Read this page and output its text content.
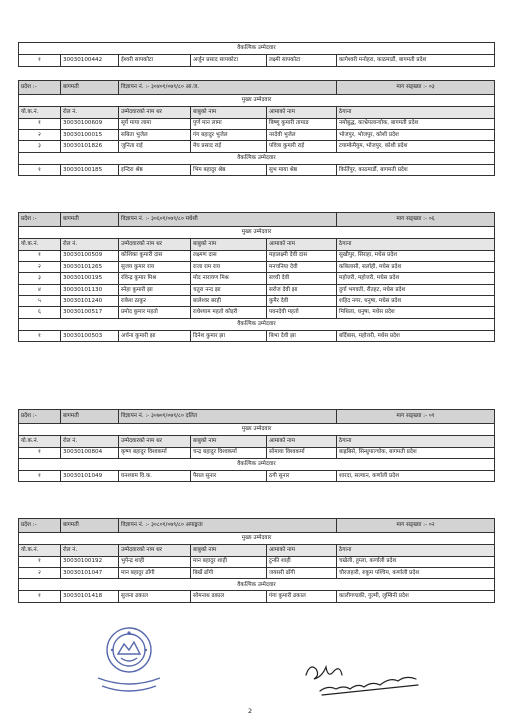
वैकल्पिक उम्मेदवार
१	30030100442	ईश्वरी सापकोटा	अर्जुन प्रसाद सापकोटा	लक्ष्मी सापकोटा	कागेश्वरी मनोहरा, काठमाडौं, बागमती प्रदेश
प्रदेश :-	बागमती	विज्ञापन नं. :- ३०४०१/०७९/८० आ.ज.			माग सङ्ख्या :- ०३
मुख्य उम्मेदवार					
यो.क.नं.	रोल नं.	उम्मेदवारको नाम थर	बाबुको नाम	आमाको नाम	ठेगाना
१	30030100609	सूर्य माया लामा	पुर्ण मान लामा	बिष्णु कुमारी तामाङ	नमोबुद्ध, काभ्रेपलान्चोक, बागमती प्रदेश
२	30030100015	सबिता भुजेल	गंग बहादुर भुजेल	नरदेवी भुजेल	भोजपुर, भोजपुर, कोशी प्रदेश
३	30030101826	जुनिता राई	मेघ प्रसाद राई	पवित्रा कुमारी राई	टयाम्केमैयुम, भोजपुर, कोशी प्रदेश
वैकल्पिक उम्मेदवार					
१	30030100185	इन्दिरा श्रेष्ठ	भिम बहादुर श्रेष्ठ	सुभ माया श्रेष्ठ	किर्तिपुर, काठमाडौं, बागमती प्रदेश
प्रदेश :-	बागमती	विज्ञापन नं. :- ३०६०१/०७९/८० मधेशी			माग सङ्ख्या :- ०६
मुख्य उम्मेदवार					
यो.क.नं.	रोल नं.	उम्मेदवारको नाम थर	बाबुको नाम	आमाको नाम	ठेगाना
१	30030100509	कोशिका कुमारी दास	लक्ष्मण दास	महालक्ष्मी देवी दास	सुखीपुर, सिराहा, मधेस प्रदेश
२	30030101265	सुजय कुमार राय	राजा राम राय	मनचनिया देवी	कबिलासी, सर्लाही, मधेस प्रदेश
३	30030100195	रविन्द्र कुमार मिश्र	मोद नारायण मिश्र	सच्ची देवी	महोत्तरी, महोत्तरी, मधेस प्रदेश
४	30030101130	स्नेहा कुमारी झा	चतुरा नन्द झा	सरोज देवी झा	दुर्गा भगवती, रौतहट, मधेस प्रदेश
५	30030101240	राकेश ठाकुर	बालेश्वर बरही	कुमैर देवी	शहिद नगर, धनुषा, मधेस प्रदेश
६	30030100517	प्रमोद कुमार महतो	राधेश्याम महतो कोइरी	पवनदेवी महतो	मिथिला, धनुषा, मधेस प्रदेश
वैकल्पिक उम्मेदवार					
१	30030100503	अर्चना कुमारी झा	दिनेश कुमार झा	बिभा देवी झा	बर्दिबास, महोत्तरी, मधेस प्रदेश
प्रदेश :-	बागमती	विज्ञापन नं. :- ३०७०१/०७९/८० दलित			माग सङ्ख्या :- ०१
मुख्य उम्मेदवार					
यो.क.नं.	रोल नं.	उम्मेदवारको नाम थर	बाबुको नाम	आमाको नाम	ठेगाना
१	30030100804	कृष्ण बहादुर विश्वकर्मा	चन्द्र बहादुर विश्वकर्मा	सोमाया विश्वकर्मा	बाह्रबिसे, सिन्धुपाल्चोक, बागमती प्रदेश
वैकल्पिक उम्मेदवार					
१	30030101049	घनश्याम वि.क.	पैसल सुनार	ठगी सुनार	शारदा, सल्यान, कर्णाली प्रदेश
प्रदेश :-	बागमती	विज्ञापन नं. :- ३०८०१/०७९/८० अपाङ्गता			माग सङ्ख्या :- ०२
मुख्य उम्मेदवार					
यो.क.नं.	रोल नं.	उम्मेदवारको नाम थर	बाबुको नाम	आमाको नाम	ठेगाना
१	30030100192	भुपेन्द्र शाही	मान बहादुर शाही	टुन्की शाही	चखेली, हुम्ला, कर्णाली प्रदेश
२	30030101047	मान बहादुर ढाँगी	बिर्खे ढाँगी	जयसरी ढाँगी	चौरजहारी, रुकुम पश्चिम, कर्णाली प्रदेश
वैकल्पिक उम्मेदवार					
१	30030101418	सुजना ढकाल	सोमनाथ ढकाल	गंगा कुमारी ढकाल	कालीगण्डकी, गुल्मी, लुम्बिनी प्रदेश
2
